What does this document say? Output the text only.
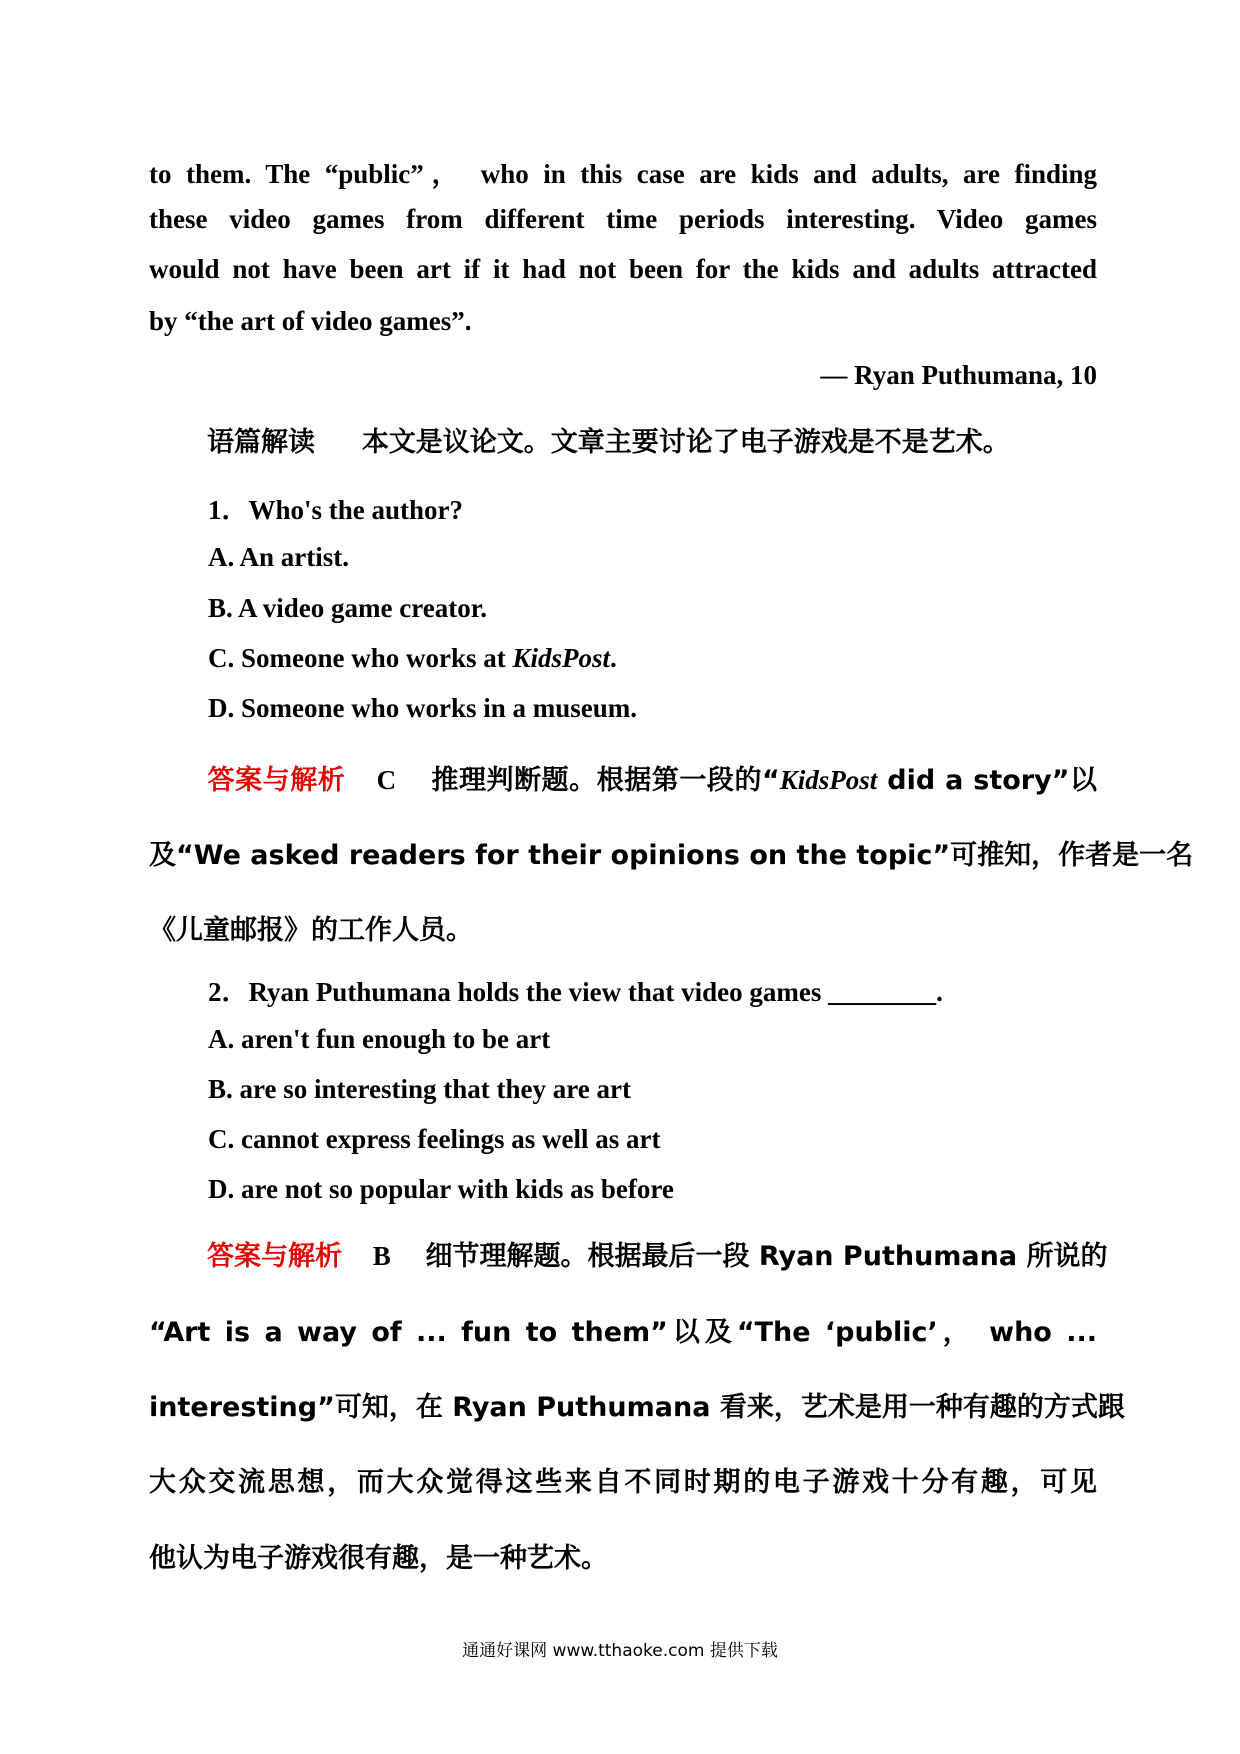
to them. The “public”， who in this case are kids and adults, are finding
these video games from different time periods interesting. Video games
would not have been art if it had not been for the kids and adults attracted
by “the art of video games”.
— Ryan Puthumana, 10
语篇解读 本文是议论文。文章主要讨论了电子游戏是不是艺术。
1．Who's the author?
A. An artist.
B. A video game creator.
C. Someone who works at KidsPost.
D. Someone who works in a museum.
答案与解析 C 推理判断题。根据第一段的“KidsPost did a story”以
及“We asked readers for their opinions on the topic”可推知，作者是一名
《儿童邮报》的工作人员。
2．Ryan Puthumana holds the view that video games ________.
A. aren't fun enough to be art
B. are so interesting that they are art
C. cannot express feelings as well as art
D. are not so popular with kids as before
答案与解析 B 细节理解题。根据最后一段 Ryan Puthumana 所说的
“Art is a way of ... fun to them”以及“The ‘public’， who ...
interesting”可知，在 Ryan Puthumana 看来，艺术是用一种有趣的方式跟
大众交流思想，而大众觉得这些来自不同时期的电子游戏十分有趣，可见
他认为电子游戏很有趣，是一种艺术。
通通好课网 www.tthaoke.com 提供下载
